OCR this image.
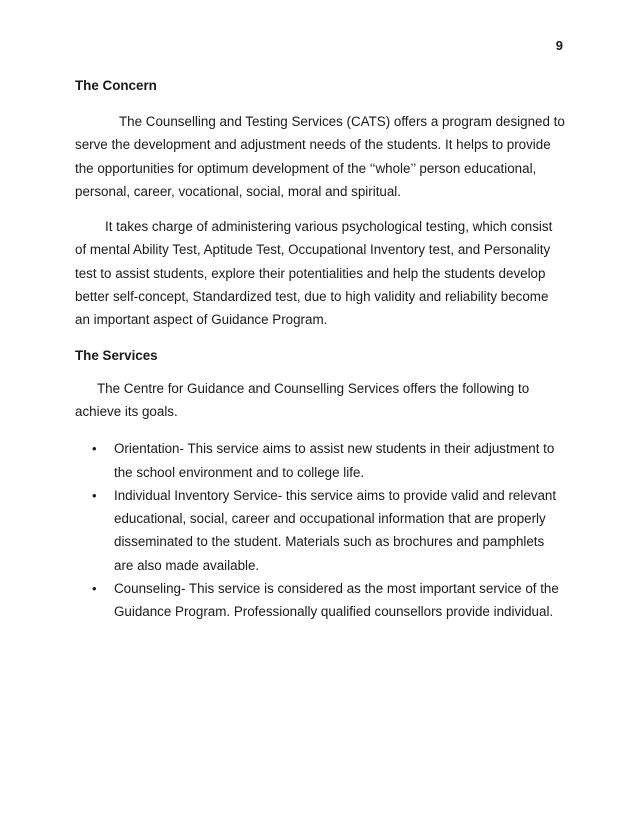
9
The Concern

The Counselling and Testing Services (CATS) offers a program designed to serve the development and adjustment needs of the students. It helps to provide the opportunities for optimum development of the ‘‘whole’’ person educational, personal, career, vocational, social, moral and spiritual.

It takes charge of administering various psychological testing, which consist of mental Ability Test, Aptitude Test, Occupational Inventory test, and Personality test to assist students, explore their potentialities and help the students develop better self-concept, Standardized test, due to high validity and reliability become an important aspect of Guidance Program.

The Services

The Centre for Guidance and Counselling Services offers the following to achieve its goals.

• Orientation- This service aims to assist new students in their adjustment to the school environment and to college life.
• Individual Inventory Service- this service aims to provide valid and relevant educational, social, career and occupational information that are properly disseminated to the student. Materials such as brochures and pamphlets are also made available.
• Counseling- This service is considered as the most important service of the Guidance Program. Professionally qualified counsellors provide individual.
